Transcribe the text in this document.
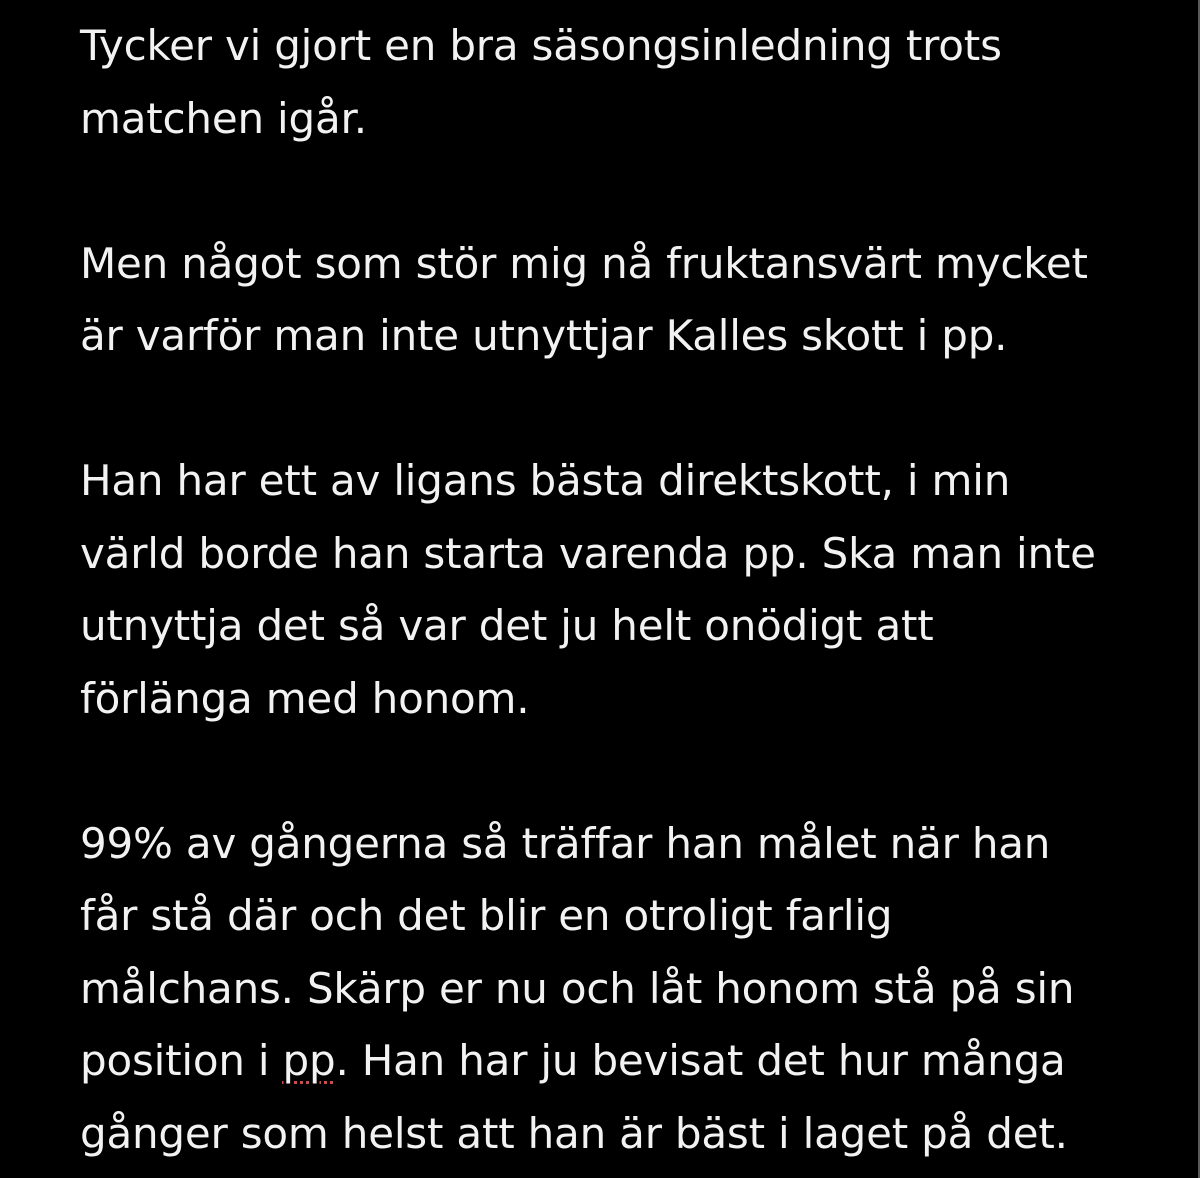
Tycker vi gjort en bra säsongsinledning trots
matchen igår.

Men något som stör mig nå fruktansvärt mycket
är varför man inte utnyttjar Kalles skott i pp.

Han har ett av ligans bästa direktskott, i min
värld borde han starta varenda pp. Ska man inte
utnyttja det så var det ju helt onödigt att
förlänga med honom.

99% av gångerna så träffar han målet när han
får stå där och det blir en otroligt farlig
målchans. Skärp er nu och låt honom stå på sin
position i pp. Han har ju bevisat det hur många
gånger som helst att han är bäst i laget på det.
